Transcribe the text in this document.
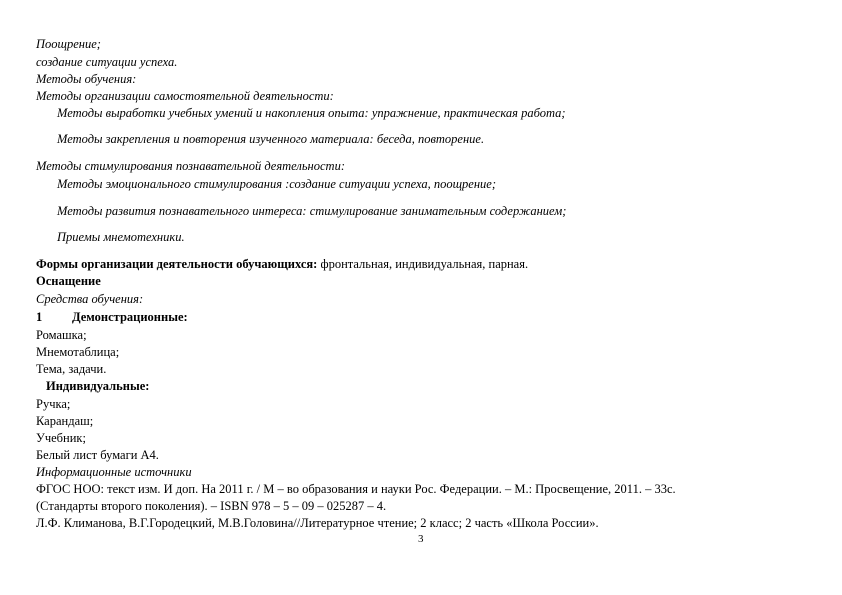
Поощрение;
создание ситуации успеха.
Методы обучения:
Методы организации самостоятельной деятельности:
Методы выработки учебных умений и накопления опыта: упражнение, практическая работа;
Методы закрепления и повторения изученного материала: беседа, повторение.
Методы стимулирования познавательной деятельности:
Методы эмоционального стимулирования :создание ситуации успеха, поощрение;
Методы развития познавательного интереса: стимулирование занимательным содержанием;
Приемы мнемотехники.
Формы организации деятельности обучающихся: фронтальная, индивидуальная, парная.
Оснащение
Средства обучения:
1 Демонстрационные:
Ромашка;
Мнемотаблица;
Тема, задачи.
Индивидуальные:
Ручка;
Карандаш;
Учебник;
Белый лист бумаги А4.
Информационные источники
ФГОС НОО: текст изм. И доп. На 2011 г. / М – во образования и науки Рос. Федерации. – М.: Просвещение, 2011. – 33с.
(Стандарты второго поколения). – ISBN 978 – 5 – 09 – 025287 – 4.
Л.Ф. Климанова, В.Г.Городецкий, М.В.Головина//Литературное чтение; 2 класс; 2 часть «Школа России».
3
